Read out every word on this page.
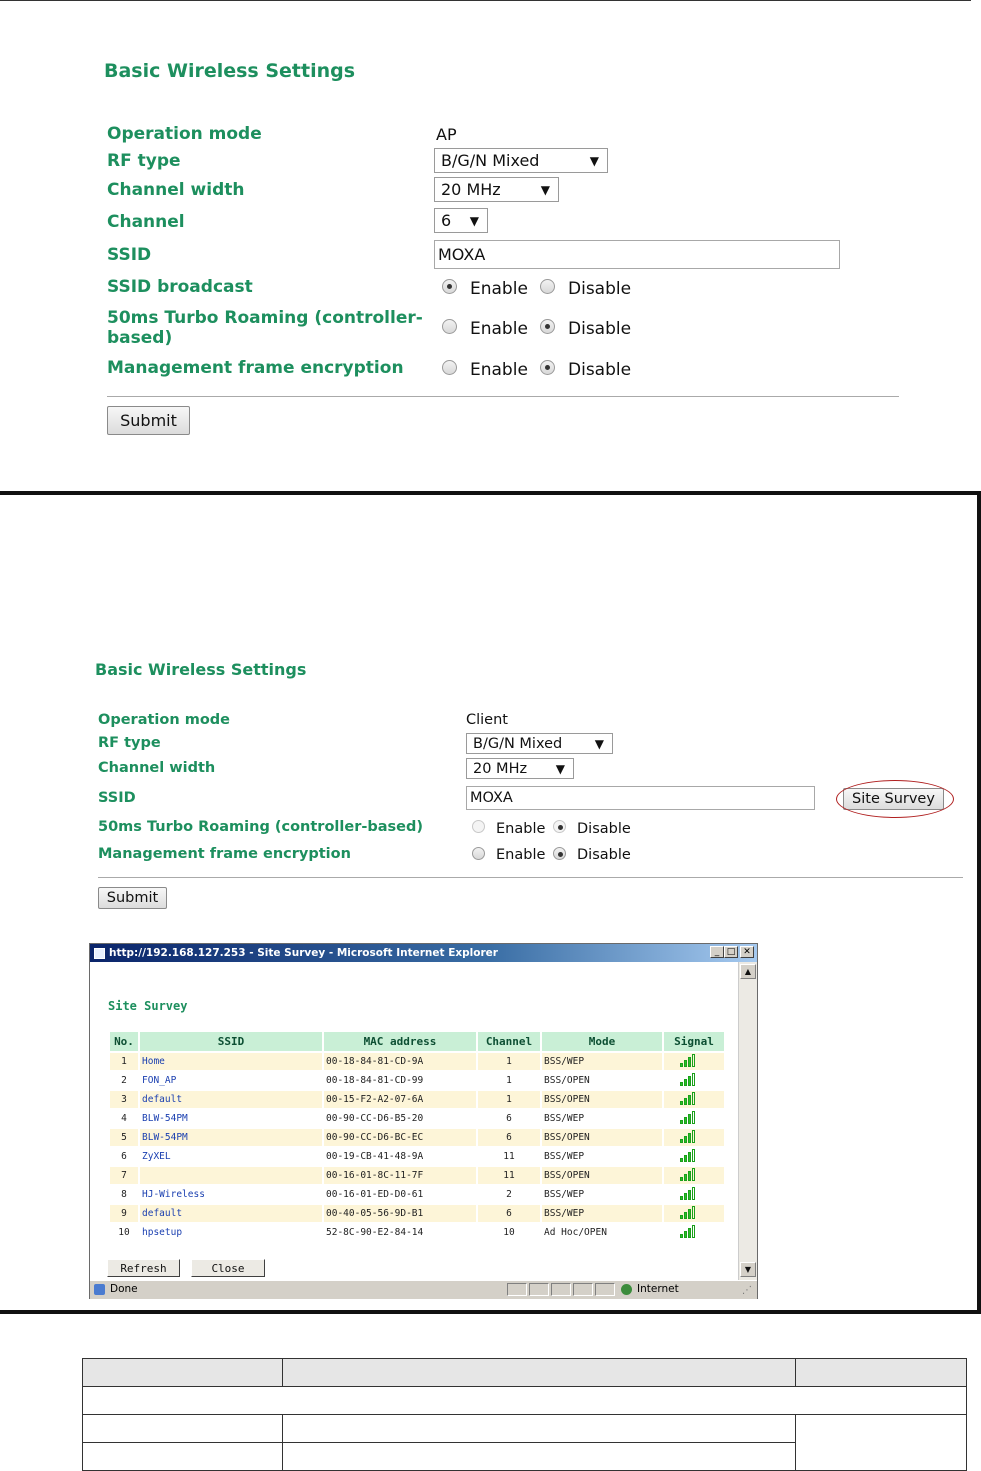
Basic Wireless Settings
Operation mode	AP
RF type	B/G/N Mixed	▼
Channel width	20 MHz	▼
Channel	6 ▼
SSID	MOXA
SSID broadcast	Enable Disable
50ms Turbo Roaming (controller-
based)	Enable Disable
Management frame encryption	Enable Disable
Submit
Basic Wireless Settings
Operation mode	Client
RF type	B/G/N Mixed	▼
Channel width	20 MHz ▼
SSID	MOXA	Site Survey
50ms Turbo Roaming (controller-based)	Enable Disable
Management frame encryption	Enable Disable
Submit
http://192.168.127.253 - Site Survey - Microsoft Internet Explorer	_ □ ✕
Site Survey
No.	SSID	MAC address	Channel	Mode	Signal
1	Home	00-18-84-81-CD-9A	1	BSS/WEP	

2	FON_AP	00-18-84-81-CD-99	1	BSS/OPEN	

3	default	00-15-F2-A2-07-6A	1	BSS/OPEN	

4	BLW-54PM	00-90-CC-D6-B5-20	6	BSS/WEP	

5	BLW-54PM	00-90-CC-D6-BC-EC	6	BSS/OPEN	

6	ZyXEL	00-19-CB-41-48-9A	11	BSS/WEP	

7		00-16-01-8C-11-7F	11	BSS/OPEN	

8	HJ-Wireless	00-16-01-ED-D0-61	2	BSS/WEP	

9	default	00-40-05-56-9D-B1	6	BSS/WEP	

10	hpsetup	52-8C-90-E2-84-14	10	Ad Hoc/OPEN	
Refresh	Close
▲
▼
Done	Internet	⋰
